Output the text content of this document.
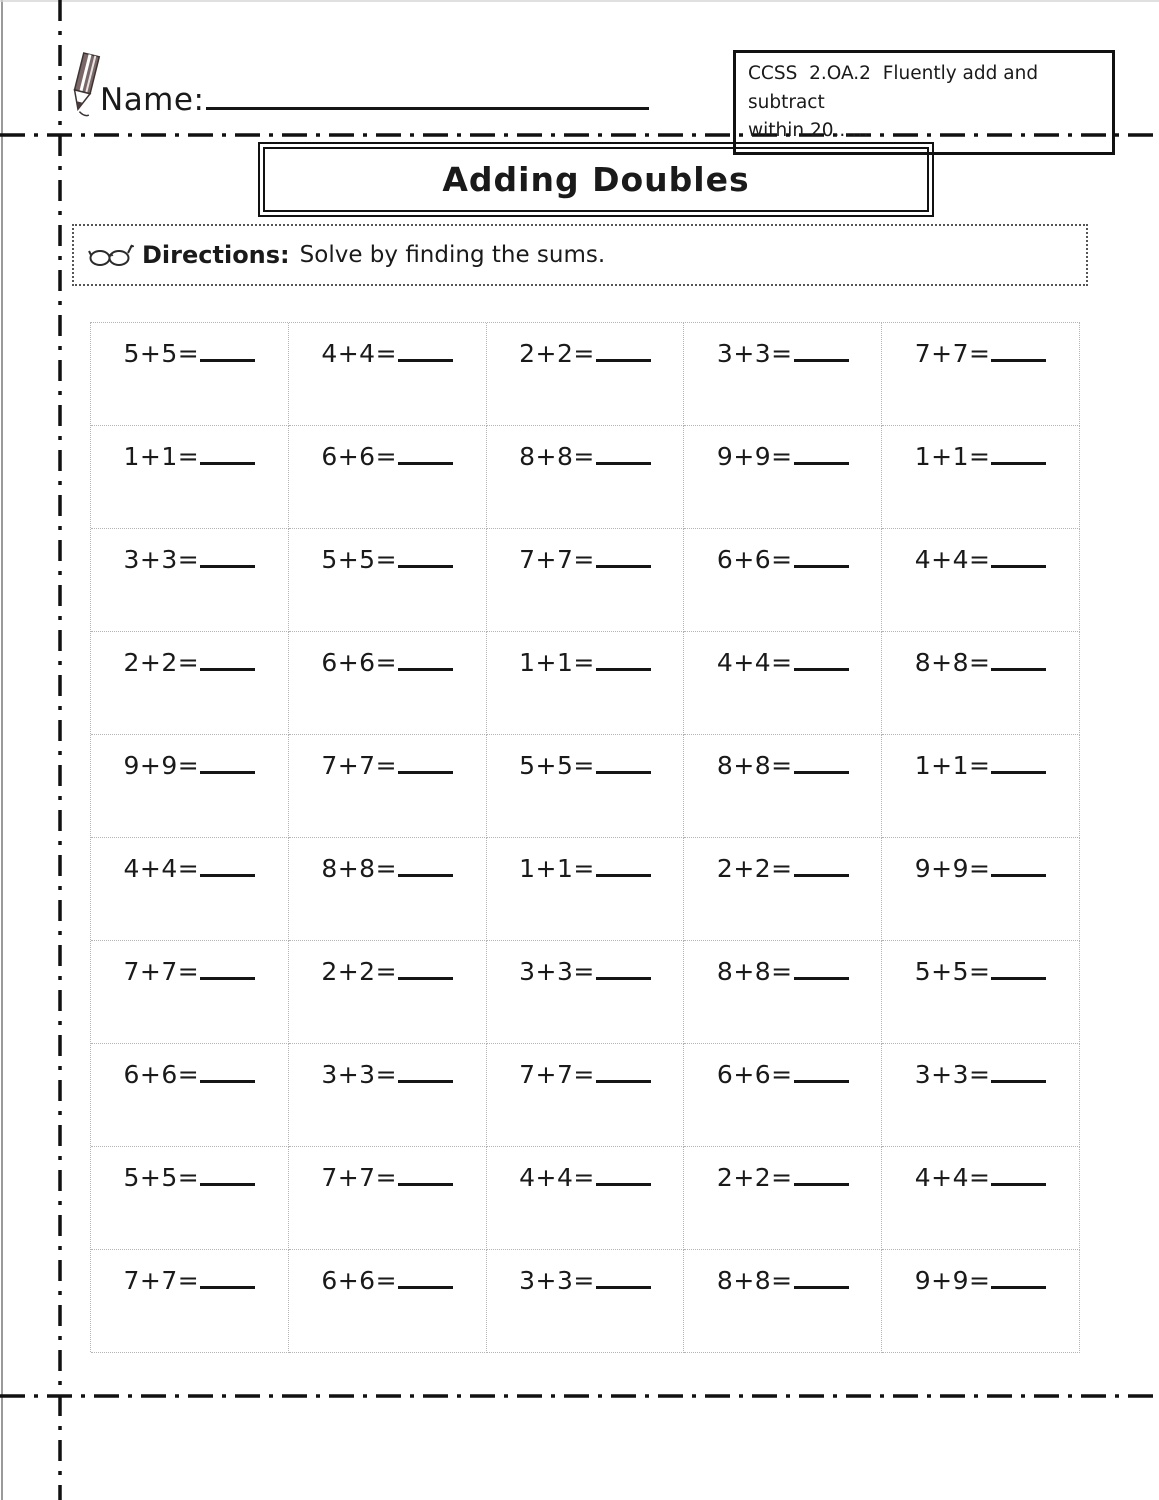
Name:
CCSS  2.OA.2  Fluently add and subtract
within 20......
Adding Doubles
Directions: Solve by finding the sums.
5+5=	4+4=	2+2=	3+3=	7+7=
1+1=	6+6=	8+8=	9+9=	1+1=
3+3=	5+5=	7+7=	6+6=	4+4=
2+2=	6+6=	1+1=	4+4=	8+8=
9+9=	7+7=	5+5=	8+8=	1+1=
4+4=	8+8=	1+1=	2+2=	9+9=
7+7=	2+2=	3+3=	8+8=	5+5=
6+6=	3+3=	7+7=	6+6=	3+3=
5+5=	7+7=	4+4=	2+2=	4+4=
7+7=	6+6=	3+3=	8+8=	9+9=
